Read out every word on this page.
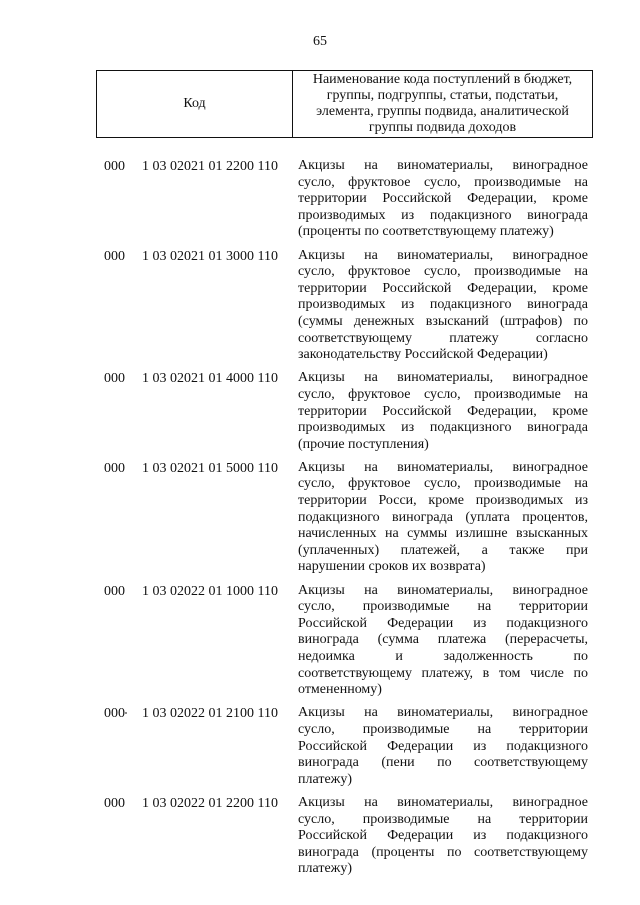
65
Код
Наименование кода поступлений в бюджет, группы, подгруппы, статьи, подстатьи, элемента, группы подвида, аналитической группы подвида доходов
000 1 03 02021 01 2200 110 Акцизы на виноматериалы, виноградное
сусло, фруктовое сусло, производимые на
территории Российской Федерации, кроме
производимых из подакцизного винограда
(проценты по соответствующему платежу)
000 1 03 02021 01 3000 110 Акцизы на виноматериалы, виноградное
сусло, фруктовое сусло, производимые на
территории Российской Федерации, кроме
производимых из подакцизного винограда
(суммы денежных взысканий (штрафов) по
соответствующему платежу согласно
законодательству Российской Федерации)
000 1 03 02021 01 4000 110 Акцизы на виноматериалы, виноградное
сусло, фруктовое сусло, производимые на
территории Российской Федерации, кроме
производимых из подакцизного винограда
(прочие поступления)
000 1 03 02021 01 5000 110 Акцизы на виноматериалы, виноградное
сусло, фруктовое сусло, производимые на
территории Росси, кроме производимых из
подакцизного винограда (уплата процентов,
начисленных на суммы излишне взысканных
(уплаченных) платежей, а также при
нарушении сроков их возврата)
000 1 03 02022 01 1000 110 Акцизы на виноматериалы, виноградное
сусло, производимые на территории
Российской Федерации из подакцизного
винограда (сумма платежа (перерасчеты,
недоимка и задолженность по
соответствующему платежу, в том числе по
отмененному)
000 1 03 02022 01 2100 110 Акцизы на виноматериалы, виноградное
сусло, производимые на территории
Российской Федерации из подакцизного
винограда (пени по соответствующему
платежу)
000 1 03 02022 01 2200 110 Акцизы на виноматериалы, виноградное
сусло, производимые на территории
Российской Федерации из подакцизного
винограда (проценты по соответствующему
платежу)
